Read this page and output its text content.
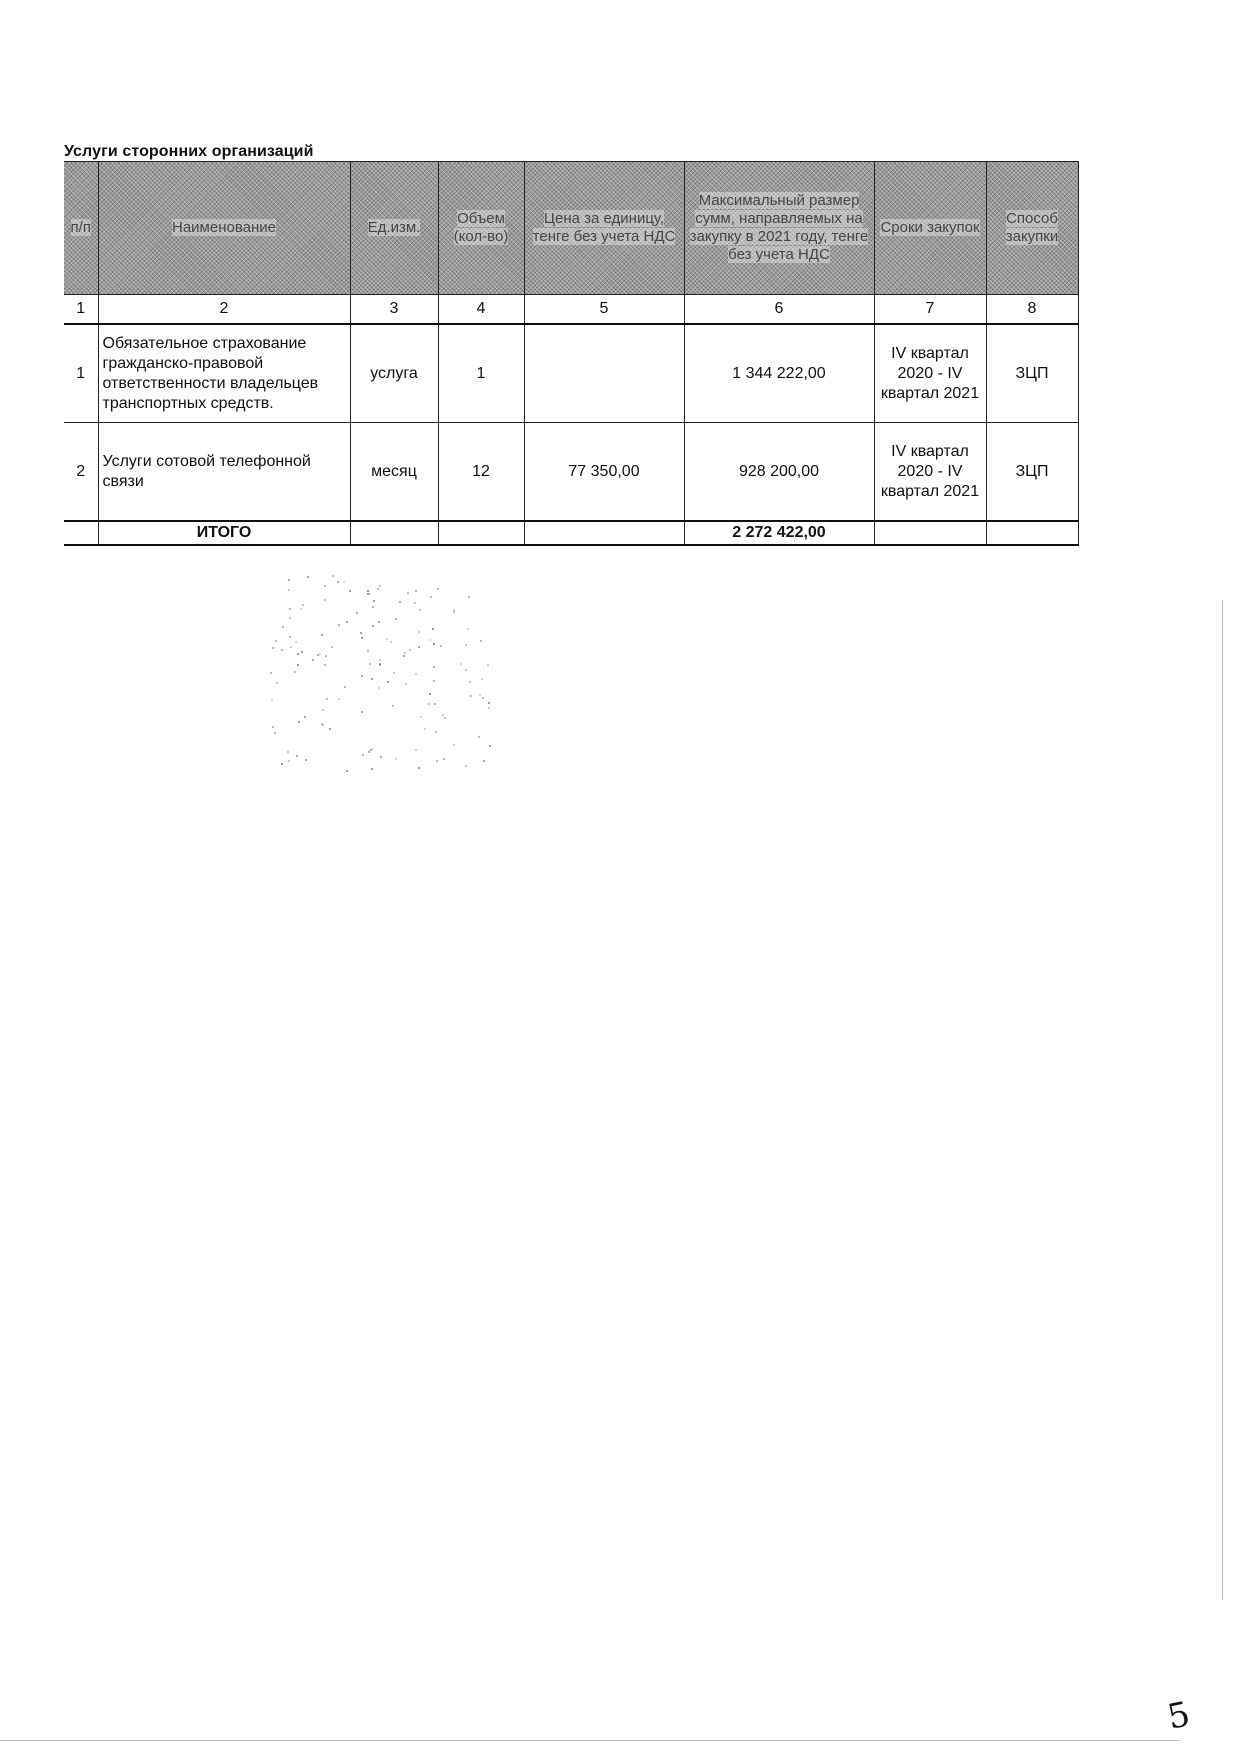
Услуги сторонних организаций
п/п	Наименование	Ед.изм.	Объем (кол-во)	Цена за единицу, тенге без учета НДС	Максимальный размер сумм, направляемых на закупку в 2021 году, тенге без учета НДС	Сроки закупок	Способ закупки
1	2	3	4	5	6	7	8
1	Обязательное страхование гражданско-правовой ответственности владельцев транспортных средств.	услуга	1		1 344 222,00	IV квартал 2020 - IV квартал 2021	ЗЦП
2	Услуги сотовой телефонной связи	месяц	12	77 350,00	928 200,00	IV квартал 2020 - IV квартал 2021	ЗЦП
	ИТОГО				2 272 422,00		
5
